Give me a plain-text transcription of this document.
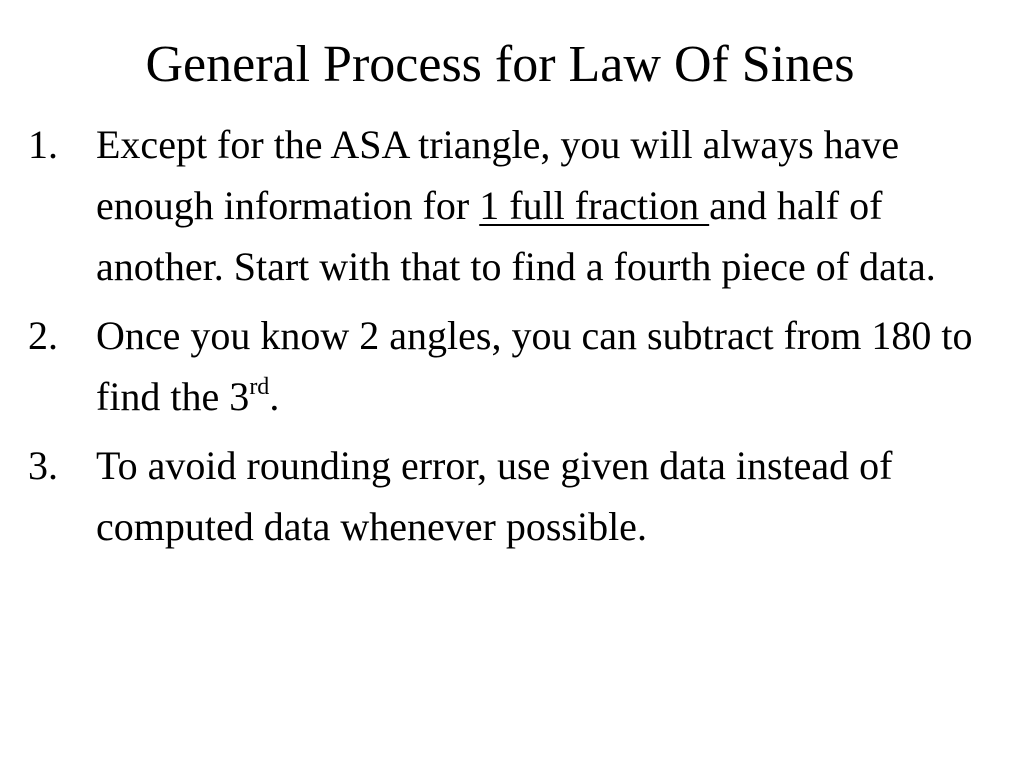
General Process for Law Of Sines
1. Except for the ASA triangle, you will always have enough information for 1 full fraction and half of another. Start with that to find a fourth piece of data.
2. Once you know 2 angles, you can subtract from 180 to find the 3rd.
3. To avoid rounding error, use given data instead of computed data whenever possible.
